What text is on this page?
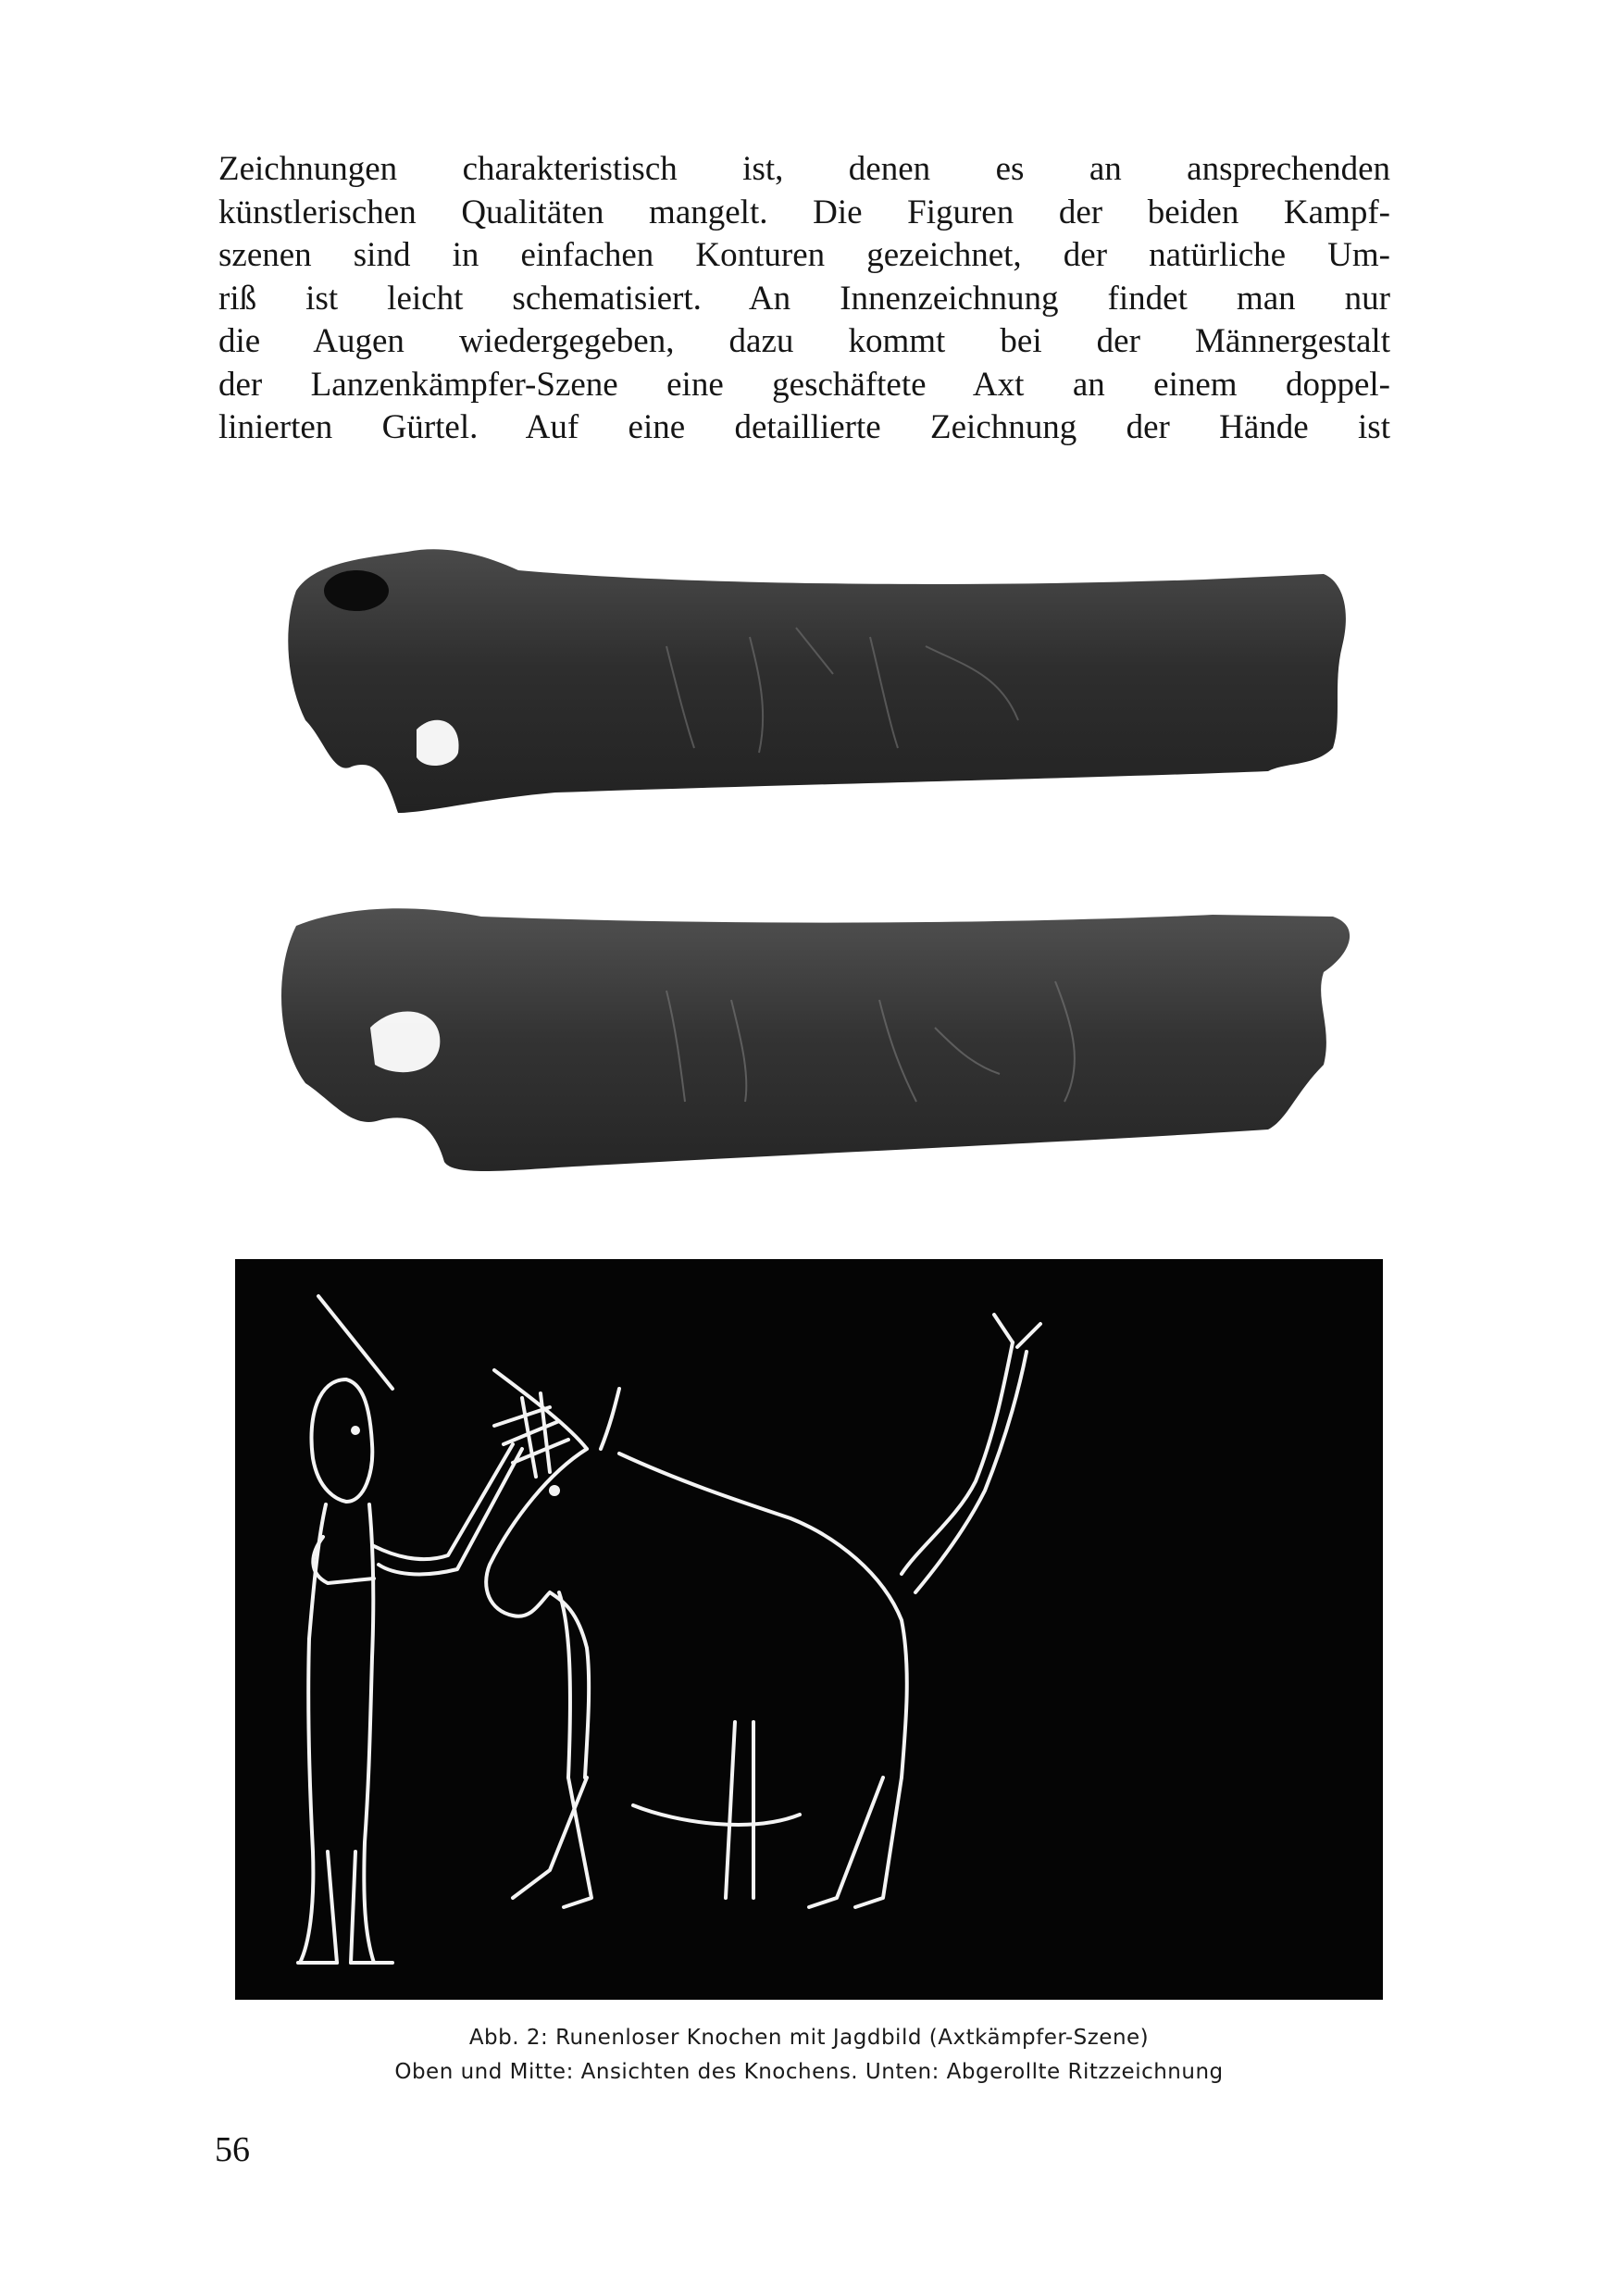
Zeichnungen charakteristisch ist, denen es an ansprechenden
künstlerischen Qualitäten mangelt. Die Figuren der beiden Kampf-
szenen sind in einfachen Konturen gezeichnet, der natürliche Um-
riß ist leicht schematisiert. An Innenzeichnung findet man nur
die Augen wiedergegeben, dazu kommt bei der Männergestalt
der Lanzenkämpfer-Szene eine geschäftete Axt an einem doppel-
linierten Gürtel. Auf eine detaillierte Zeichnung der Hände ist
Abb. 2: Runenloser Knochen mit Jagdbild (Axtkämpfer-Szene)
Oben und Mitte: Ansichten des Knochens. Unten: Abgerollte Ritzzeichnung
56
